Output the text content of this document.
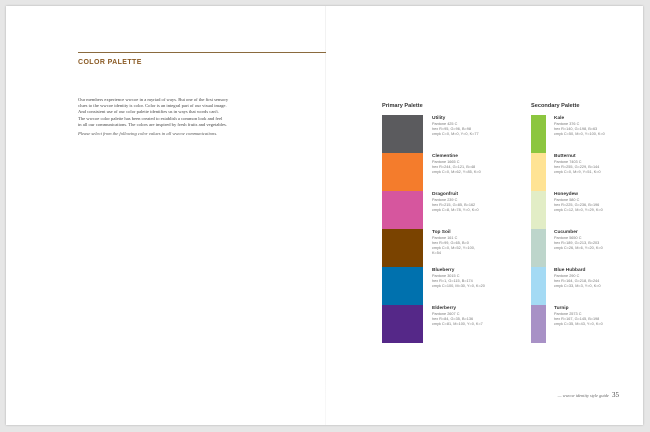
COLOR PALETTE
Our members experience wwcoe in a myriad of ways. But one of the first sensory
clues to the wwcoe identity is color. Color is an integral part of our visual image.
And consistent use of our color palette identifies us in ways that words can't.
The wwcoe color palette has been created to establish a common look and feel
in all our communications. The colors are inspired by fresh fruits and vegetables.
Please select from the following color values in all wwcoe communications.
Primary Palette
Utility
Pantone 425 C
hex R=95, G=96, B=98
cmyk C=0, M=0, Y=0, K=77
Clementine
Pantone 1665 C
hex R=244, G=121, B=48
cmyk C=0, M=62, Y=85, K=0
Dragonfruit
Pantone 239 C
hex R=215, G=85, B=162
cmyk C=8, M=78, Y=0, K=0
Top Soil
Pantone 161 C
hex R=99, G=65, B=0
cmyk C=0, M=52, Y=100,
K=54
Blueberry
Pantone 3015 C
hex R=1, G=115, B=174
cmyk C=100, M=30, Y=0, K=20
Elderberry
Pantone 2607 C
hex R=84, G=35, B=136
cmyk C=81, M=100, Y=0, K=7
Secondary Palette
Kale
Pantone 376 C
hex R=140, G=198, B=63
cmyk C=50, M=0, Y=100, K=0
Butternut
Pantone 7403 C
hex R=255, G=229, B=144
cmyk C=0, M=9, Y=51, K=0
Honeydew
Pantone 580 C
hex R=225, G=236, B=196
cmyk C=12, M=0, Y=29, K=0
Cucumber
Pantone 5650 C
hex R=189, G=213, B=203
cmyk C=26, M=6, Y=20, K=0
Blue Hubbard
Pantone 290 C
hex R=164, G=218, B=244
cmyk C=33, M=3, Y=0, K=0
Turnip
Pantone 2573 C
hex R=167, G=145, B=198
cmyk C=35, M=43, Y=0, K=0
— wwcoe identity style guide 35
